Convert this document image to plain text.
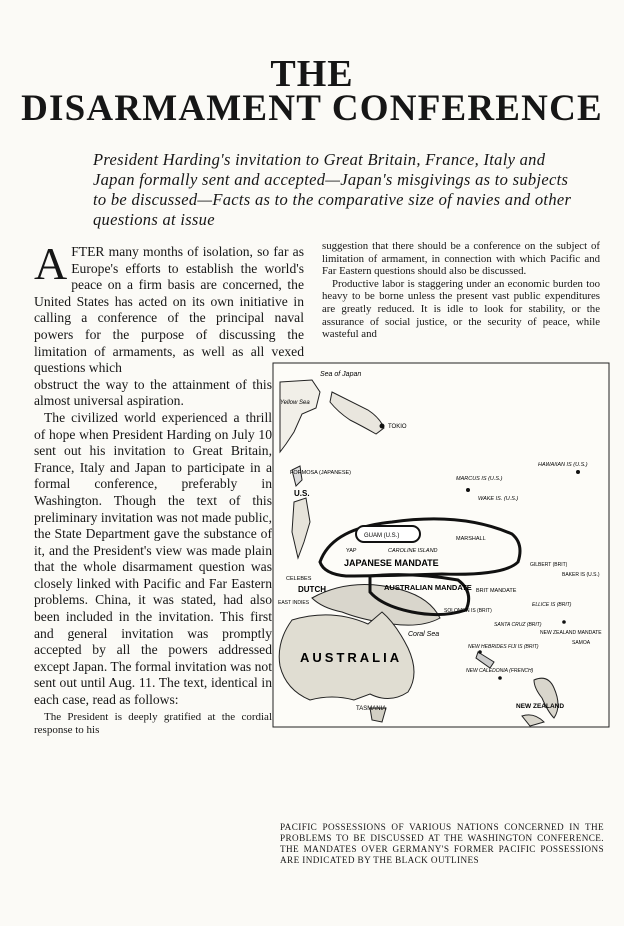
THE
DISARMAMENT CONFERENCE
President Harding's invitation to Great Britain, France, Italy and Japan formally sent and accepted—Japan's misgivings as to subjects to be discussed—Facts as to the comparative size of navies and other questions at issue

AFTER many months of isolation, so far as Europe's efforts to establish the world's peace on a firm basis are concerned, the United States has acted on its own initiative in calling a conference of the principal naval powers for the purpose of discussing the limitation of armaments, as well as all vexed questions which

obstruct the way to the attainment of this almost universal aspiration.

The civilized world experienced a thrill of hope when President Harding on July 10 sent out his invitation to Great Britain, France, Italy and Japan to participate in a formal conference, preferably in Washington. Though the text of this preliminary invitation was not made public, the State Department gave the substance of it, and the President's view was made plain that the whole disarmament question was closely linked with Pacific and Far Eastern problems. China, it was stated, had also been included in the invitation. This first and general invitation was promptly accepted by all the powers addressed except Japan. The formal invitation was not sent out until Aug. 11. The text, identical in each case, read as follows:

The President is deeply gratified at the cordial response to his

suggestion that there should be a conference on the subject of limitation of armament, in connection with which Pacific and Far Eastern questions should also be discussed.

Productive labor is staggering under an economic burden too heavy to be borne unless the present vast public expenditures are greatly reduced. It is idle to look for stability, or the assurance of social justice, or the security of peace, while wasteful and

Sea of Japan
TOKIO
Yellow Sea
FORMOSA (JAPANESE)
U.S.
MARCUS IS (U.S.)
WAKE IS. (U.S.)
HAWAIIAN IS (U.S.)
GUAM (U.S.)	MARSHALL
YAP	CAROLINE ISLAND
JAPANESE MANDATE	GILBERT (BRIT)
BAKER IS (U.S.)
CELEBES
DUTCH
EAST INDIES
AUSTRALIAN MANDATE BRIT MANDATE
SOLOMON IS (BRIT)
ELLICE IS (BRIT)
SANTA CRUZ (BRIT)
NEW ZEALAND MANDATE
SAMOA
Coral Sea
NEW HEBRIDES FIJI IS (BRIT)
NEW CALEDONIA (FRENCH)
AUSTRALIA
TASMANIA	NEW ZEALAND
PACIFIC POSSESSIONS OF VARIOUS NATIONS CONCERNED IN THE PROBLEMS TO BE DISCUSSED AT THE WASHINGTON CONFERENCE. THE MANDATES OVER GERMANY'S FORMER PACIFIC POSSESSIONS ARE INDICATED BY THE BLACK OUTLINES
